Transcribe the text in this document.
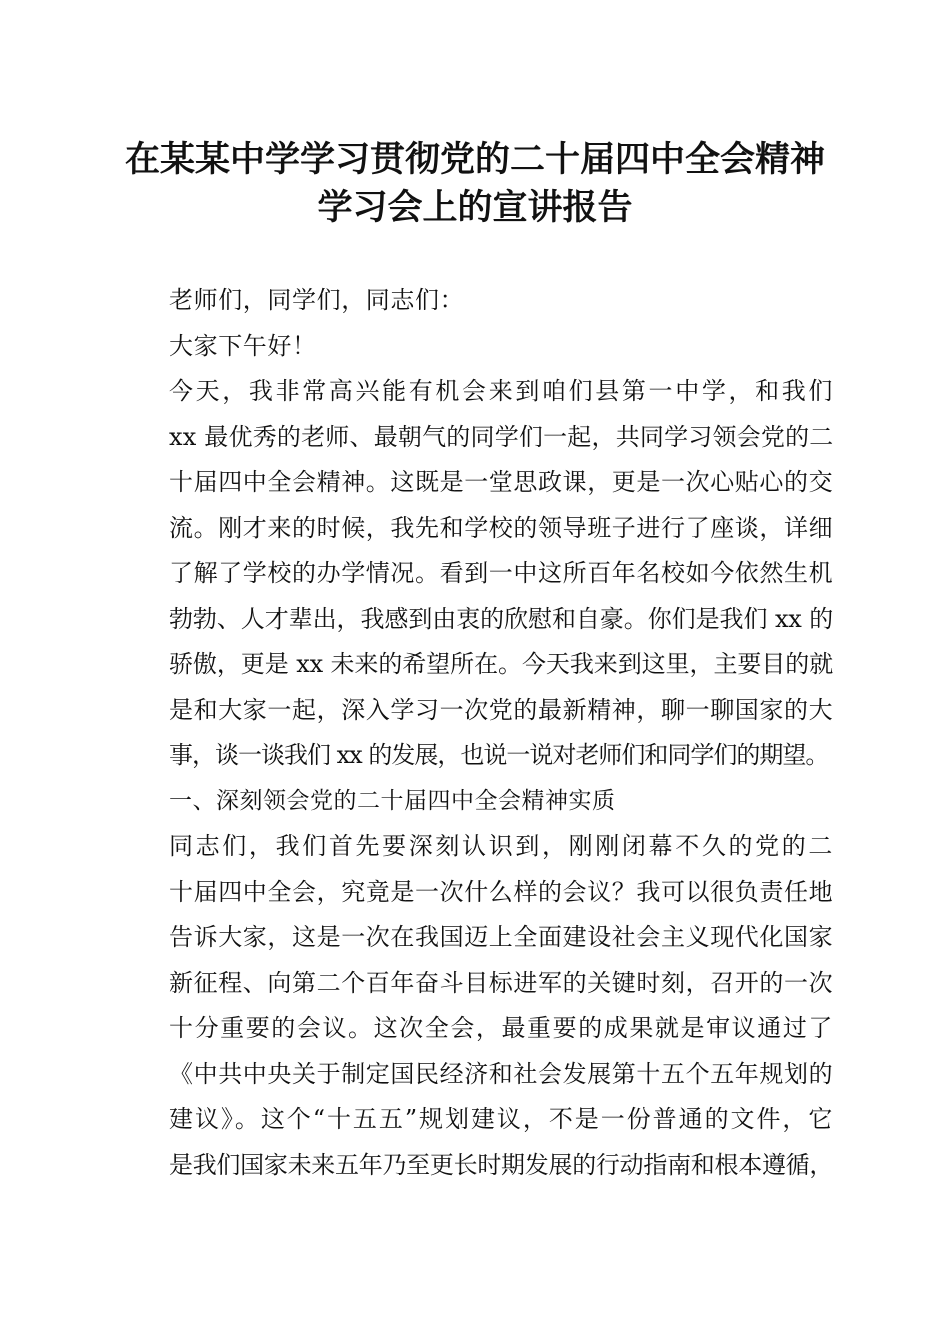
在某某中学学习贯彻党的二十届四中全会精神
学习会上的宣讲报告

老师们，同学们，同志们：

大家下午好！

今天，我非常高兴能有机会来到咱们县第一中学，和我们
xx 最优秀的老师、最朝气的同学们一起，共同学习领会党的二
十届四中全会精神。这既是一堂思政课，更是一次心贴心的交
流。刚才来的时候，我先和学校的领导班子进行了座谈，详细
了解了学校的办学情况。看到一中这所百年名校如今依然生机
勃勃、人才辈出，我感到由衷的欣慰和自豪。你们是我们 xx 的
骄傲，更是 xx 未来的希望所在。今天我来到这里，主要目的就
是和大家一起，深入学习一次党的最新精神，聊一聊国家的大
事，谈一谈我们 xx 的发展，也说一说对老师们和同学们的期望。

一、深刻领会党的二十届四中全会精神实质

同志们，我们首先要深刻认识到，刚刚闭幕不久的党的二
十届四中全会，究竟是一次什么样的会议？我可以很负责任地
告诉大家，这是一次在我国迈上全面建设社会主义现代化国家
新征程、向第二个百年奋斗目标进军的关键时刻，召开的一次
十分重要的会议。这次全会，最重要的成果就是审议通过了
《中共中央关于制定国民经济和社会发展第十五个五年规划的
建议》。这个“十五五”规划建议，不是一份普通的文件，它
是我们国家未来五年乃至更长时期发展的行动指南和根本遵循，
